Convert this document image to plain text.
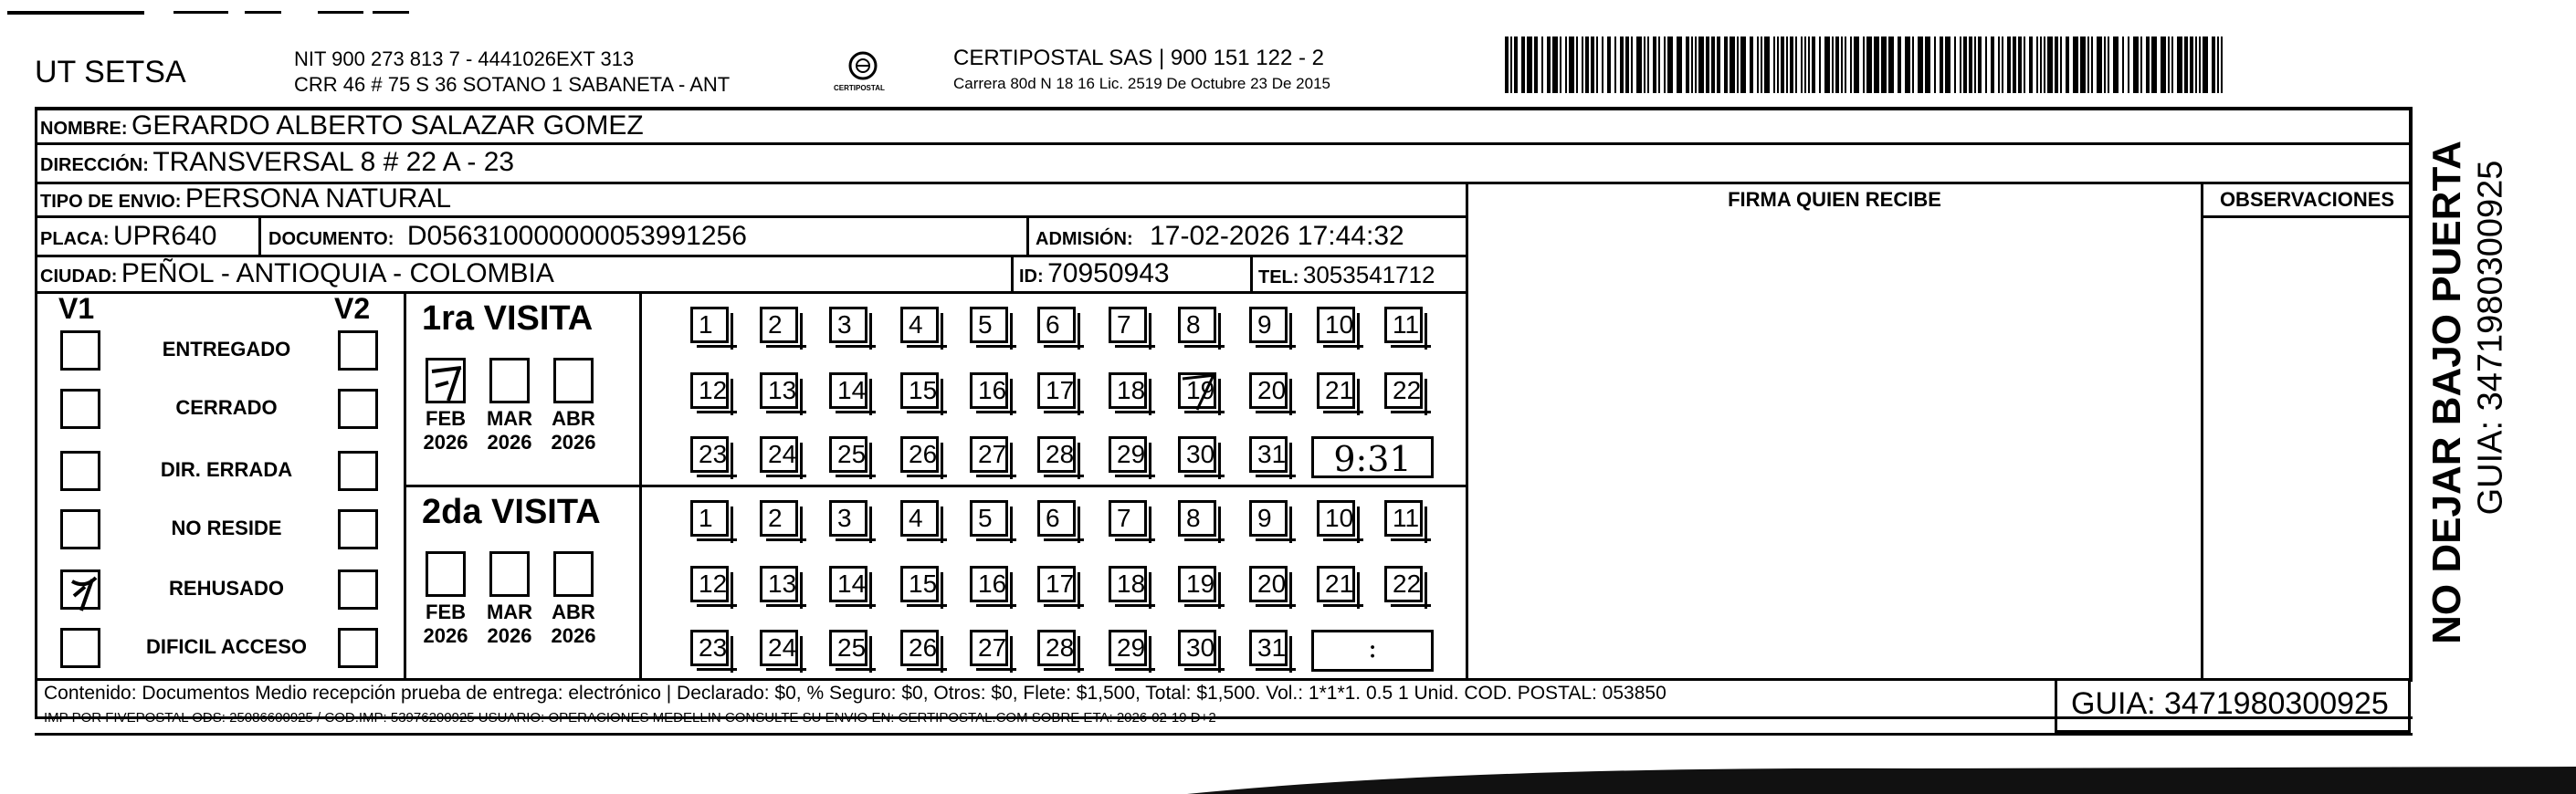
UT SETSA	NIT 900 273 813 7 - 4441026EXT 313
CRR 46 # 75 S 36 SOTANO 1 SABANETA - ANT	CERTIPOSTAL
CERTIPOSTAL SAS | 900 151 122 - 2
Carrera 80d N 18 16 Lic. 2519 De Octubre 23 De 2015
NOMBRE: GERARDO ALBERTO SALAZAR GOMEZ
DIRECCIÓN: TRANSVERSAL 8 # 22 A - 23
TIPO DE ENVIO: PERSONA NATURAL
PLACA: UPR640	DOCUMENTO: D056310000000053991256	ADMISIÓN: 17-02-2026 17:44:32
CIUDAD: PEÑOL - ANTIOQUIA - COLOMBIA	ID: 70950943	TEL: 3053541712
FIRMA QUIEN RECIBE	OBSERVACIONES
V1	V2
ENTREGADO
CERRADO
DIR. ERRADA
NO RESIDE
REHUSADO
DIFICIL ACCESO
1ra VISITA
2da VISITA
1	2	3	4	5	6	7	8	9	10	11
12	13	14	15	16	17	18	19	20	21	22
23	24	25	26	27	28	29	30	31	9:31
FEB
2026
MAR
2026
ABR
2026
1	2	3	4	5	6	7	8	9	10	11
12	13	14	15	16	17	18	19	20	21	22
23	24	25	26	27	28	29	30	31	:
FEB
2026
MAR
2026
ABR
2026
Contenido: Documentos Medio recepción prueba de entrega: electrónico | Declarado: $0, % Seguro: $0, Otros: $0, Flete: $1,500, Total: $1,500. Vol.: 1*1*1. 0.5 1 Unid. COD. POSTAL: 053850
IMP POR FIVEPOSTAL ODS: 25086600925 / COD.IMP: 53976200925 USUARIO: OPERACIONES MEDELLIN CONSULTE SU ENVIO EN: CERTIPOSTAL.COM SOBRE ETA: 2026-02-19 D+2	GUIA: 3471980300925
NO DEJAR BAJO PUERTA GUIA: 3471980300925
